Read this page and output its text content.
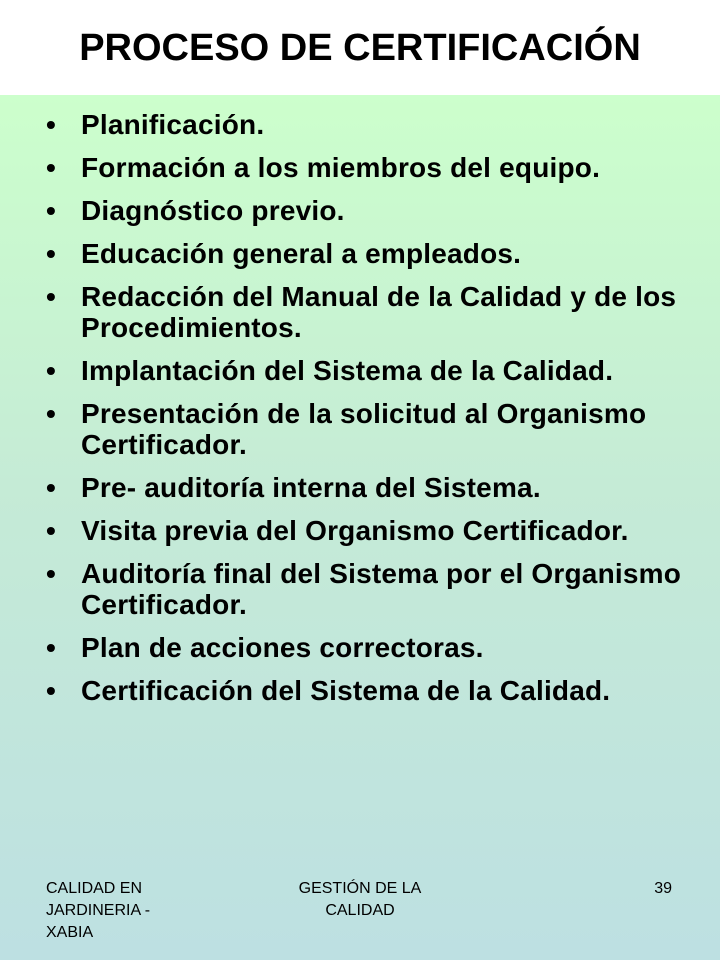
PROCESO DE CERTIFICACIÓN
• Planificación.
• Formación a los miembros del equipo.
• Diagnóstico previo.
• Educación general a empleados.
• Redacción del Manual de la Calidad y de los Procedimientos.
• Implantación del Sistema de la Calidad.
• Presentación de la solicitud al Organismo Certificador.
• Pre- auditoría interna del Sistema.
• Visita previa del Organismo Certificador.
• Auditoría final del Sistema por el Organismo Certificador.
• Plan de acciones correctoras.
• Certificación del Sistema de la Calidad.
CALIDAD EN JARDINERIA - XABIA
GESTIÓN DE LA CALIDAD
39
